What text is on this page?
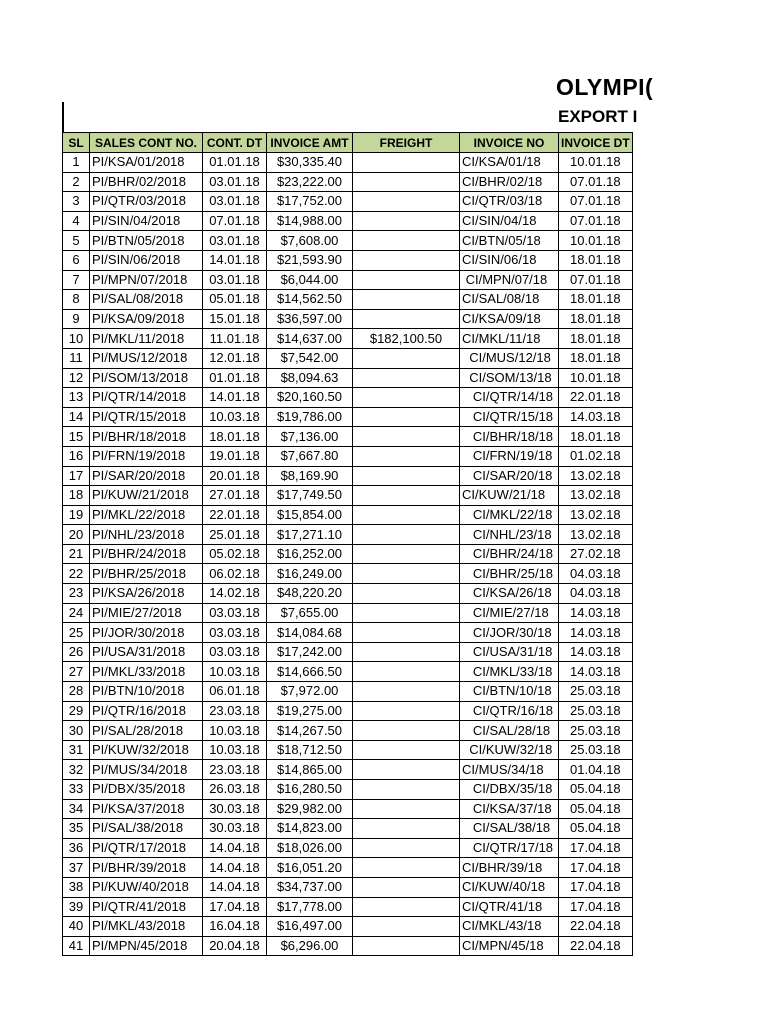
OLYMPI(
EXPORT I
SL	SALES CONT NO.	CONT. DT	INVOICE AMT	FREIGHT	INVOICE NO	INVOICE DT
1	PI/KSA/01/2018	01.01.18	$30,335.40		CI/KSA/01/18	10.01.18
2	PI/BHR/02/2018	03.01.18	$23,222.00		CI/BHR/02/18	07.01.18
3	PI/QTR/03/2018	03.01.18	$17,752.00		CI/QTR/03/18	07.01.18
4	PI/SIN/04/2018	07.01.18	$14,988.00		CI/SIN/04/18	07.01.18
5	PI/BTN/05/2018	03.01.18	$7,608.00		CI/BTN/05/18	10.01.18
6	PI/SIN/06/2018	14.01.18	$21,593.90		CI/SIN/06/18	18.01.18
7	PI/MPN/07/2018	03.01.18	$6,044.00		CI/MPN/07/18	07.01.18
8	PI/SAL/08/2018	05.01.18	$14,562.50		CI/SAL/08/18	18.01.18
9	PI/KSA/09/2018	15.01.18	$36,597.00		CI/KSA/09/18	18.01.18
10	PI/MKL/11/2018	11.01.18	$14,637.00	$182,100.50	CI/MKL/11/18	18.01.18
11	PI/MUS/12/2018	12.01.18	$7,542.00		CI/MUS/12/18	18.01.18
12	PI/SOM/13/2018	01.01.18	$8,094.63		CI/SOM/13/18	10.01.18
13	PI/QTR/14/2018	14.01.18	$20,160.50		CI/QTR/14/18	22.01.18
14	PI/QTR/15/2018	10.03.18	$19,786.00		CI/QTR/15/18	14.03.18
15	PI/BHR/18/2018	18.01.18	$7,136.00		CI/BHR/18/18	18.01.18
16	PI/FRN/19/2018	19.01.18	$7,667.80		CI/FRN/19/18	01.02.18
17	PI/SAR/20/2018	20.01.18	$8,169.90		CI/SAR/20/18	13.02.18
18	PI/KUW/21/2018	27.01.18	$17,749.50		CI/KUW/21/18	13.02.18
19	PI/MKL/22/2018	22.01.18	$15,854.00		CI/MKL/22/18	13.02.18
20	PI/NHL/23/2018	25.01.18	$17,271.10		CI/NHL/23/18	13.02.18
21	PI/BHR/24/2018	05.02.18	$16,252.00		CI/BHR/24/18	27.02.18
22	PI/BHR/25/2018	06.02.18	$16,249.00		CI/BHR/25/18	04.03.18
23	PI/KSA/26/2018	14.02.18	$48,220.20		CI/KSA/26/18	04.03.18
24	PI/MIE/27/2018	03.03.18	$7,655.00		CI/MIE/27/18	14.03.18
25	PI/JOR/30/2018	03.03.18	$14,084.68		CI/JOR/30/18	14.03.18
26	PI/USA/31/2018	03.03.18	$17,242.00		CI/USA/31/18	14.03.18
27	PI/MKL/33/2018	10.03.18	$14,666.50		CI/MKL/33/18	14.03.18
28	PI/BTN/10/2018	06.01.18	$7,972.00		CI/BTN/10/18	25.03.18
29	PI/QTR/16/2018	23.03.18	$19,275.00		CI/QTR/16/18	25.03.18
30	PI/SAL/28/2018	10.03.18	$14,267.50		CI/SAL/28/18	25.03.18
31	PI/KUW/32/2018	10.03.18	$18,712.50		CI/KUW/32/18	25.03.18
32	PI/MUS/34/2018	23.03.18	$14,865.00		CI/MUS/34/18	01.04.18
33	PI/DBX/35/2018	26.03.18	$16,280.50		CI/DBX/35/18	05.04.18
34	PI/KSA/37/2018	30.03.18	$29,982.00		CI/KSA/37/18	05.04.18
35	PI/SAL/38/2018	30.03.18	$14,823.00		CI/SAL/38/18	05.04.18
36	PI/QTR/17/2018	14.04.18	$18,026.00		CI/QTR/17/18	17.04.18
37	PI/BHR/39/2018	14.04.18	$16,051.20		CI/BHR/39/18	17.04.18
38	PI/KUW/40/2018	14.04.18	$34,737.00		CI/KUW/40/18	17.04.18
39	PI/QTR/41/2018	17.04.18	$17,778.00		CI/QTR/41/18	17.04.18
40	PI/MKL/43/2018	16.04.18	$16,497.00		CI/MKL/43/18	22.04.18
41	PI/MPN/45/2018	20.04.18	$6,296.00		CI/MPN/45/18	22.04.18
